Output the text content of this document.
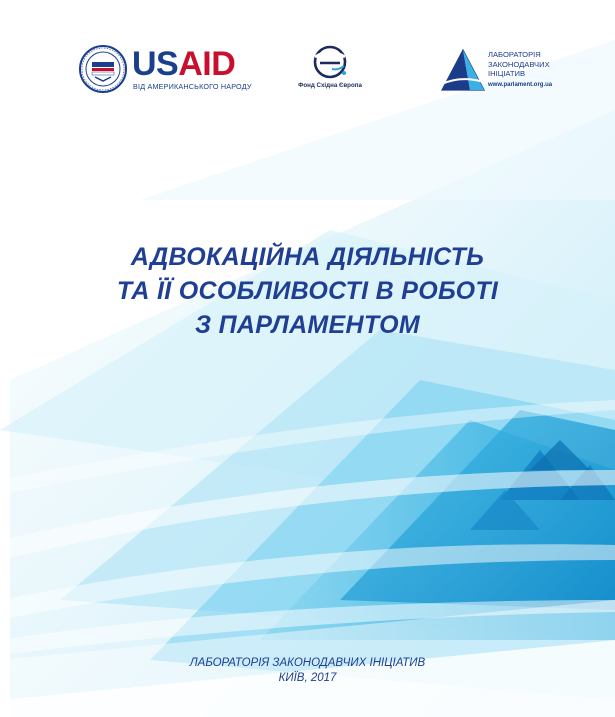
USAID
ВІД АМЕРИКАНСЬКОГО НАРОДУ	Фонд Східна Європа
ЛАБОРАТОРІЯ
ЗАКОНОДАВЧИХ
ІНІЦІАТИВ
www.parlament.org.ua
АДВОКАЦІЙНА ДІЯЛЬНІСТЬ
ТА ЇЇ ОСОБЛИВОСТІ В РОБОТІ
З ПАРЛАМЕНТОМ
ЛАБОРАТОРІЯ ЗАКОНОДАВЧИХ ІНІЦІАТИВ
КИЇВ, 2017
